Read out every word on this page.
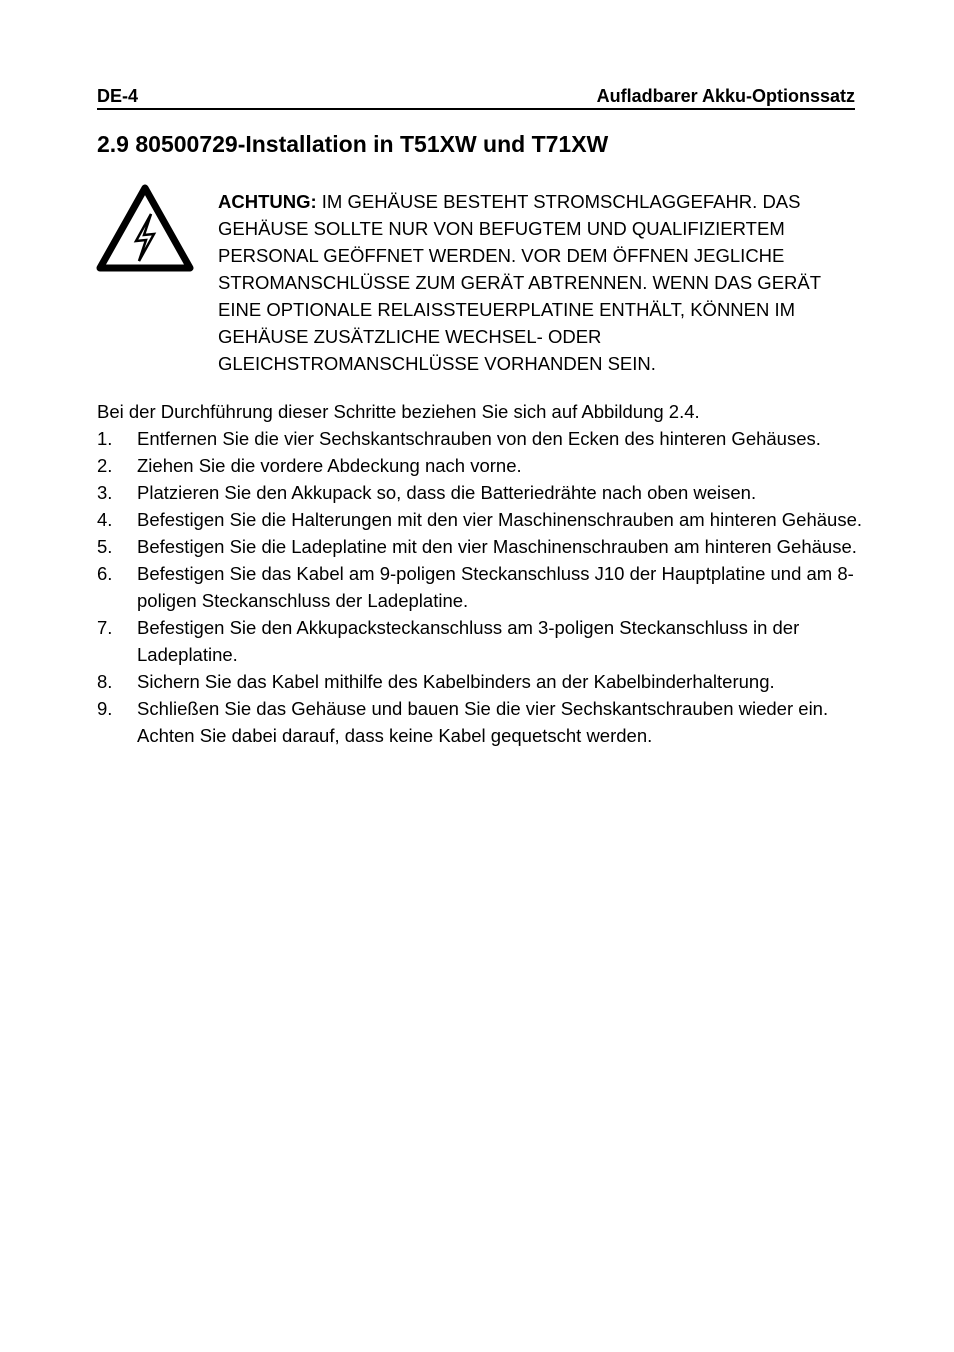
DE-4	Aufladbarer Akku-Optionssatz
2.9 80500729-Installation in T51XW und T71XW
ACHTUNG: IM GEHÄUSE BESTEHT STROMSCHLAGGEFAHR. DAS GEHÄUSE SOLLTE NUR VON BEFUGTEM UND QUALIFIZIERTEM PERSONAL GEÖFFNET WERDEN. VOR DEM ÖFFNEN JEGLICHE STROMANSCHLÜSSE ZUM GERÄT ABTRENNEN. WENN DAS GERÄT EINE OPTIONALE RELAISSTEUERPLATINE ENTHÄLT, KÖNNEN IM GEHÄUSE ZUSÄTZLICHE WECHSEL- ODER GLEICHSTROMANSCHLÜSSE VORHANDEN SEIN.
Bei der Durchführung dieser Schritte beziehen Sie sich auf Abbildung 2.4.
1. Entfernen Sie die vier Sechskantschrauben von den Ecken des hinteren Gehäuses.
2. Ziehen Sie die vordere Abdeckung nach vorne.
3. Platzieren Sie den Akkupack so, dass die Batteriedrähte nach oben weisen.
4. Befestigen Sie die Halterungen mit den vier Maschinenschrauben am hinteren Gehäuse.
5. Befestigen Sie die Ladeplatine mit den vier Maschinenschrauben am hinteren Gehäuse.
6. Befestigen Sie das Kabel am 9-poligen Steckanschluss J10 der Hauptplatine und am 8-poligen Steckanschluss der Ladeplatine.
7. Befestigen Sie den Akkupacksteckanschluss am 3-poligen Steckanschluss in der Ladeplatine.
8. Sichern Sie das Kabel mithilfe des Kabelbinders an der Kabelbinderhalterung.
9. Schließen Sie das Gehäuse und bauen Sie die vier Sechskantschrauben wieder ein. Achten Sie dabei darauf, dass keine Kabel gequetscht werden.
